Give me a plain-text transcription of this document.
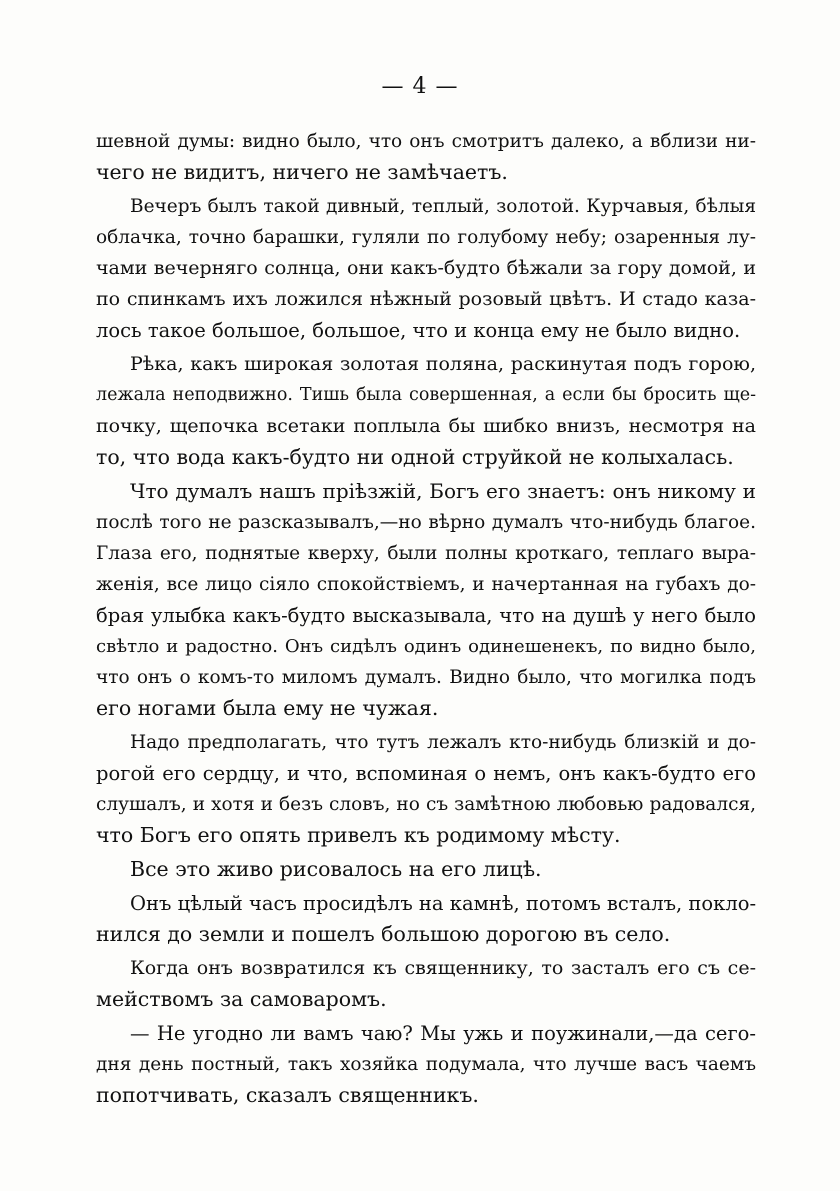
— 4 —
шевной думы: видно было, что онъ смотритъ далеко, а вблизи ни-
чего не видитъ, ничего не замѣчаетъ.
Вечеръ былъ такой дивный, теплый, золотой. Курчавыя, бѣлыя
облачка, точно барашки, гуляли по голубому небу; озаренныя лу-
чами вечерняго солнца, они какъ-будто бѣжали за гору домой, и
по спинкамъ ихъ ложился нѣжный розовый цвѣтъ. И стадо каза-
лось такое большое, большое, что и конца ему не было видно.
Рѣка, какъ широкая золотая поляна, раскинутая подъ горою,
лежала неподвижно. Тишь была совершенная, а если бы бросить ще-
почку, щепочка всетаки поплыла бы шибко внизъ, несмотря на
то, что вода какъ-будто ни одной струйкой не колыхалась.
Что думалъ нашъ пріѣзжій, Богъ его знаетъ: онъ никому и
послѣ того не разсказывалъ,—но вѣрно думалъ что-нибудь благое.
Глаза его, поднятые кверху, были полны кроткаго, теплаго выра-
женія, все лицо сіяло спокойствіемъ, и начертанная на губахъ до-
брая улыбка какъ-будто высказывала, что на душѣ у него было
свѣтло и радостно. Онъ сидѣлъ одинъ одинешенекъ, по видно было,
что онъ о комъ-то миломъ думалъ. Видно было, что могилка подъ
его ногами была ему не чужая.
Надо предполагать, что тутъ лежалъ кто-нибудь близкій и до-
рогой его сердцу, и что, вспоминая о немъ, онъ какъ-будто его
слушалъ, и хотя и безъ словъ, но съ замѣтною любовью радовался,
что Богъ его опять привелъ къ родимому мѣсту.
Все это живо рисовалось на его лицѣ.
Онъ цѣлый часъ просидѣлъ на камнѣ, потомъ всталъ, покло-
нился до земли и пошелъ большою дорогою въ село.
Когда онъ возвратился къ священнику, то засталъ его съ се-
мействомъ за самоваромъ.
— Не угодно ли вамъ чаю? Мы ужь и поужинали,—да сего-
дня день постный, такъ хозяйка подумала, что лучше васъ чаемъ
попотчивать, сказалъ священникъ.
